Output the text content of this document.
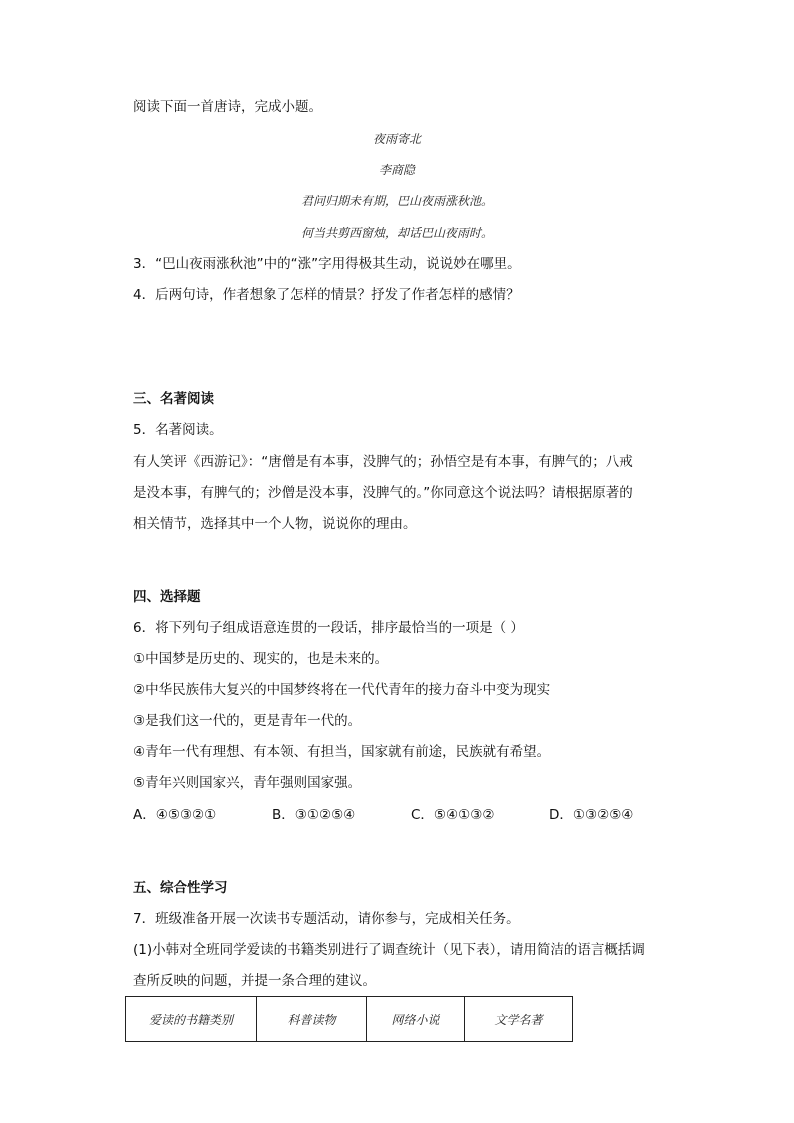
阅读下面一首唐诗，完成小题。
夜雨寄北
李商隐
君问归期未有期，巴山夜雨涨秋池。
何当共剪西窗烛，却话巴山夜雨时。
3．“巴山夜雨涨秋池”中的“涨”字用得极其生动，说说妙在哪里。
4．后两句诗，作者想象了怎样的情景？抒发了作者怎样的感情？
三、名著阅读
5．名著阅读。
有人笑评《西游记》：“唐僧是有本事，没脾气的；孙悟空是有本事，有脾气的；八戒
是没本事，有脾气的；沙僧是没本事，没脾气的。”你同意这个说法吗？请根据原著的
相关情节，选择其中一个人物，说说你的理由。
四、选择题
6．将下列句子组成语意连贯的一段话，排序最恰当的一项是（ ）
①中国梦是历史的、现实的，也是未来的。
②中华民族伟大复兴的中国梦终将在一代代青年的接力奋斗中变为现实
③是我们这一代的，更是青年一代的。
④青年一代有理想、有本领、有担当，国家就有前途，民族就有希望。
⑤青年兴则国家兴，青年强则国家强。
A．④⑤③②①	B．③①②⑤④	C．⑤④①③②	D．①③②⑤④
五、综合性学习
7．班级准备开展一次读书专题活动，请你参与，完成相关任务。
(1)小韩对全班同学爱读的书籍类别进行了调查统计（见下表），请用简洁的语言概括调
查所反映的问题，并提一条合理的建议。
爱读的书籍类别	科普读物	网络小说	文学名著
